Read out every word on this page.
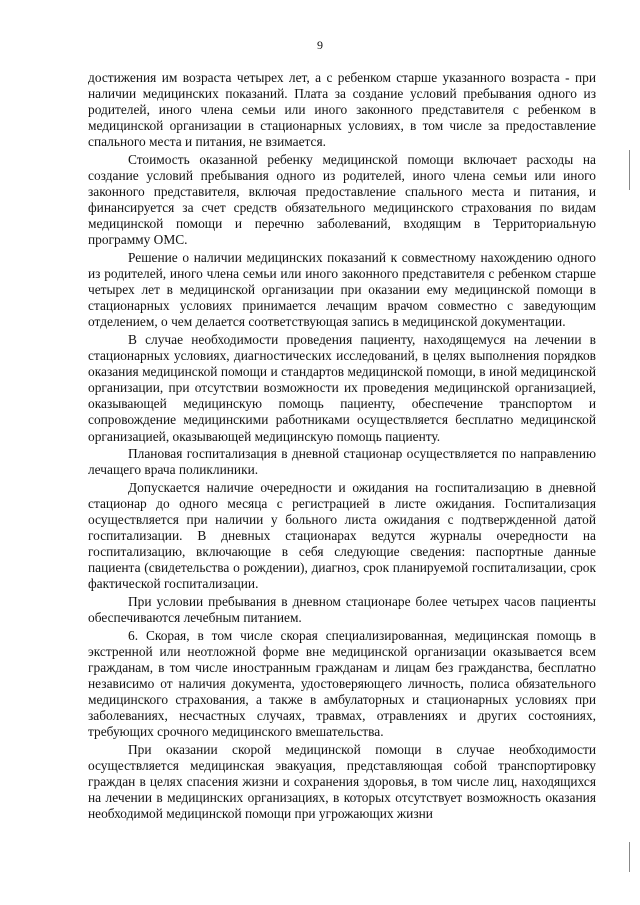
9

достижения им возраста четырех лет, а с ребенком старше указанного возраста - при наличии медицинских показаний. Плата за создание условий пребывания одного из родителей, иного члена семьи или иного законного представителя с ребенком в медицинской организации в стационарных условиях, в том числе за предоставление спального места и питания, не взимается.

Стоимость оказанной ребенку медицинской помощи включает расходы на создание условий пребывания одного из родителей, иного члена семьи или иного законного представителя, включая предоставление спального места и питания, и финансируется за счет средств обязательного медицинского страхования по видам медицинской помощи и перечню заболеваний, входящим в Территориальную программу ОМС.

Решение о наличии медицинских показаний к совместному нахождению одного из родителей, иного члена семьи или иного законного представителя с ребенком старше четырех лет в медицинской организации при оказании ему медицинской помощи в стационарных условиях принимается лечащим врачом совместно с заведующим отделением, о чем делается соответствующая запись в медицинской документации.

В случае необходимости проведения пациенту, находящемуся на лечении в стационарных условиях, диагностических исследований, в целях выполнения порядков оказания медицинской помощи и стандартов медицинской помощи, в иной медицинской организации, при отсутствии возможности их проведения медицинской организацией, оказывающей медицинскую помощь пациенту, обеспечение транспортом и сопровождение медицинскими работниками осуществляется бесплатно медицинской организацией, оказывающей медицинскую помощь пациенту.

Плановая госпитализация в дневной стационар осуществляется по направлению лечащего врача поликлиники.

Допускается наличие очередности и ожидания на госпитализацию в дневной стационар до одного месяца с регистрацией в листе ожидания. Госпитализация осуществляется при наличии у больного листа ожидания с подтвержденной датой госпитализации. В дневных стационарах ведутся журналы очередности на госпитализацию, включающие в себя следующие сведения: паспортные данные пациента (свидетельства о рождении), диагноз, срок планируемой госпитализации, срок фактической госпитализации.

При условии пребывания в дневном стационаре более четырех часов пациенты обеспечиваются лечебным питанием.

6. Скорая, в том числе скорая специализированная, медицинская помощь в экстренной или неотложной форме вне медицинской организации оказывается всем гражданам, в том числе иностранным гражданам и лицам без гражданства, бесплатно независимо от наличия документа, удостоверяющего личность, полиса обязательного медицинского страхования, а также в амбулаторных и стационарных условиях при заболеваниях, несчастных случаях, травмах, отравлениях и других состояниях, требующих срочного медицинского вмешательства.

При оказании скорой медицинской помощи в случае необходимости осуществляется медицинская эвакуация, представляющая собой транспортировку граждан в целях спасения жизни и сохранения здоровья, в том числе лиц, находящихся на лечении в медицинских организациях, в которых отсутствует возможность оказания необходимой медицинской помощи при угрожающих жизни
